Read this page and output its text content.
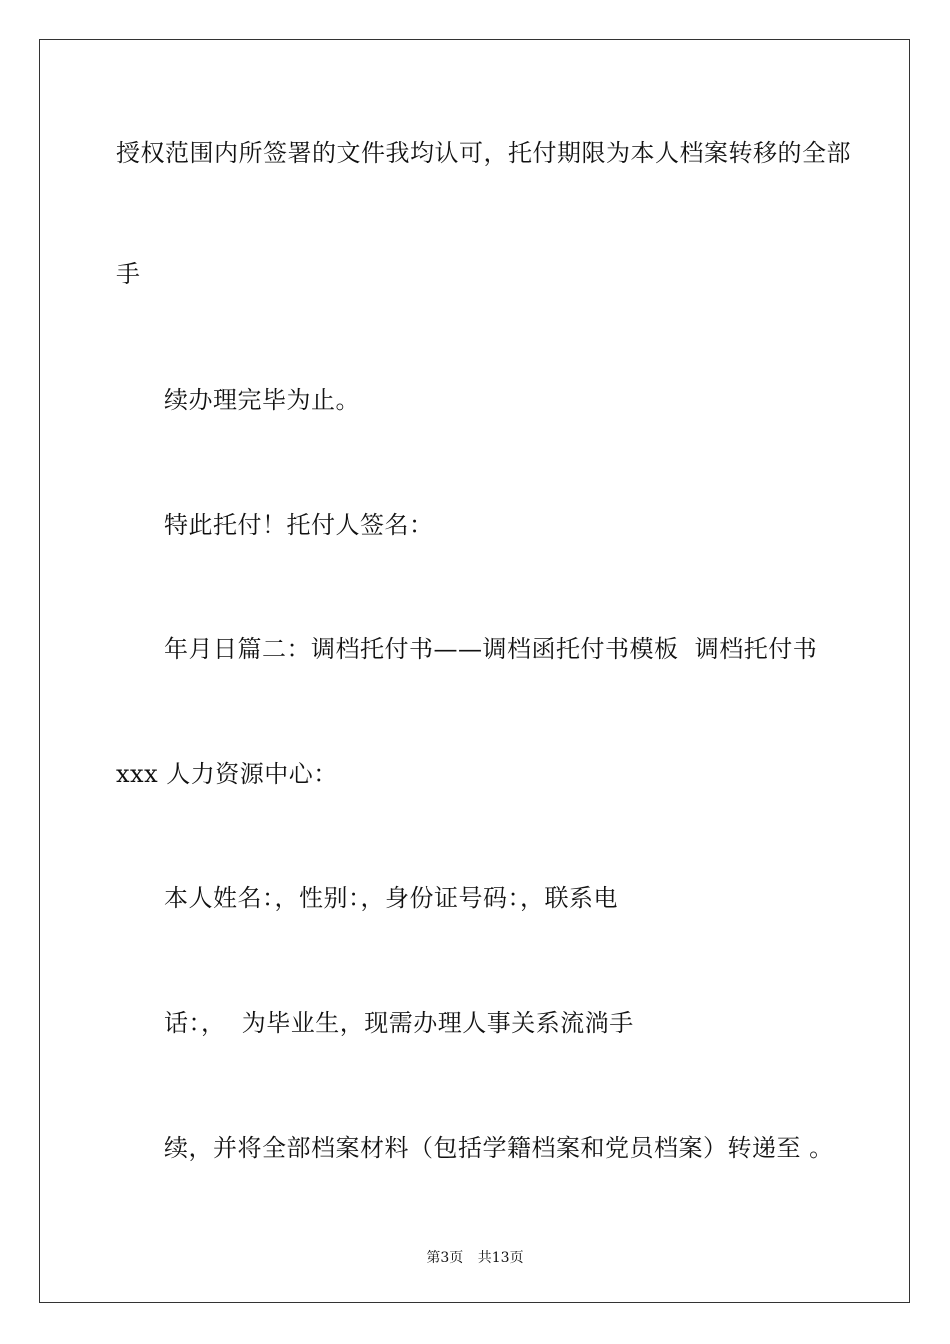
授权范围内所签署的文件我均认可，托付期限为本人档案转移的全部
手
续办理完毕为止。
特此托付！托付人签名：
年月日篇二：调档托付书——调档函托付书模板  调档托付书
xxx 人力资源中心：
本人姓名：，性别：，身份证号码：，联系电
话：，  为毕业生，现需办理人事关系流淌手
续，并将全部档案材料（包括学籍档案和党员档案）转递至 。
第3页 共13页
